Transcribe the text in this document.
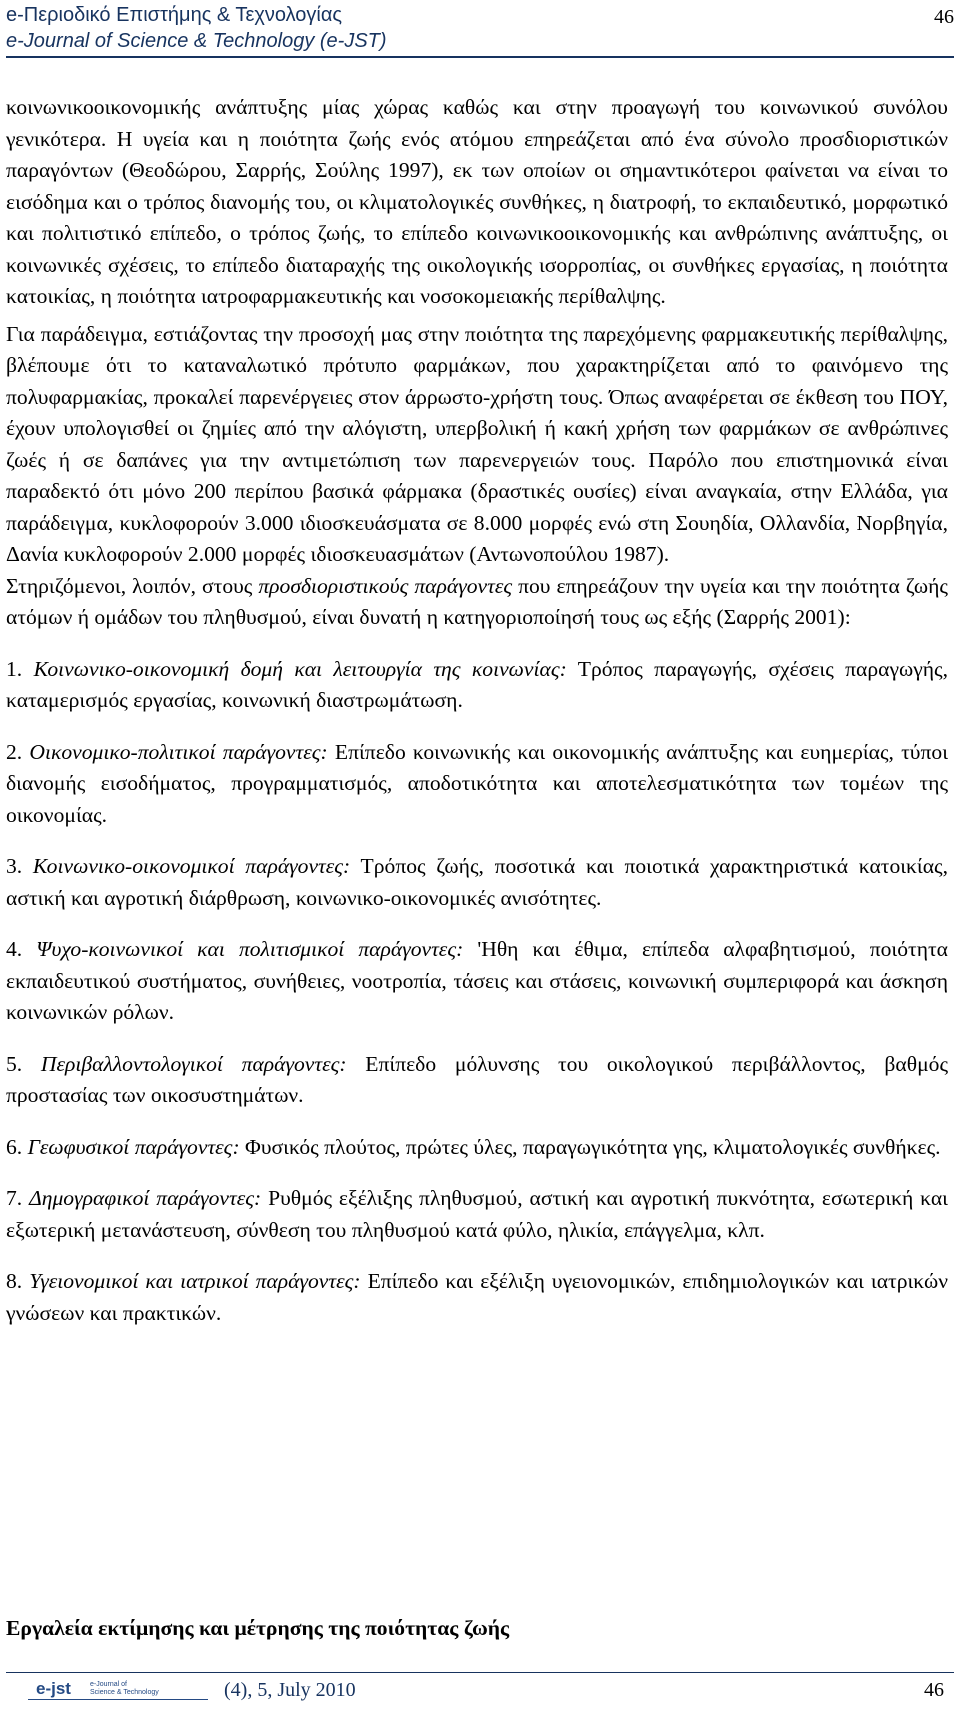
e-Περιοδικό Επιστήμης & Τεχνολογίας
e-Journal of Science & Technology (e-JST)
46

κοινωνικοοικονομικής ανάπτυξης μίας χώρας καθώς και στην προαγωγή του κοινωνικού συνόλου γενικότερα. Η υγεία και η ποιότητα ζωής ενός ατόμου επηρεάζεται από ένα σύνολο προσδιοριστικών παραγόντων (Θεοδώρου, Σαρρής, Σούλης 1997), εκ των οποίων οι σημαντικότεροι φαίνεται να είναι το εισόδημα και ο τρόπος διανομής του, οι κλιματολογικές συνθήκες, η διατροφή, το εκπαιδευτικό, μορφωτικό και πολιτιστικό επίπεδο, ο τρόπος ζωής, το επίπεδο κοινωνικοοικονομικής και ανθρώπινης ανάπτυξης, οι κοινωνικές σχέσεις, το επίπεδο διαταραχής της οικολογικής ισορροπίας, οι συνθήκες εργασίας, η ποιότητα κατοικίας, η ποιότητα ιατροφαρμακευτικής και νοσοκομειακής περίθαλψης.

Για παράδειγμα, εστιάζοντας την προσοχή μας στην ποιότητα της παρεχόμενης φαρμακευτικής περίθαλψης, βλέπουμε ότι το καταναλωτικό πρότυπο φαρμάκων, που χαρακτηρίζεται από το φαινόμενο της πολυφαρμακίας, προκαλεί παρενέργειες στον άρρωστο-χρήστη τους. Όπως αναφέρεται σε έκθεση του ΠΟΥ, έχουν υπολογισθεί οι ζημίες από την αλόγιστη, υπερβολική ή κακή χρήση των φαρμάκων σε ανθρώπινες ζωές ή σε δαπάνες για την αντιμετώπιση των παρενεργειών τους. Παρόλο που επιστημονικά είναι παραδεκτό ότι μόνο 200 περίπου βασικά φάρμακα (δραστικές ουσίες) είναι αναγκαία, στην Ελλάδα, για παράδειγμα, κυκλοφορούν 3.000 ιδιοσκευάσματα σε 8.000 μορφές ενώ στη Σουηδία, Ολλανδία, Νορβηγία, Δανία κυκλοφορούν 2.000 μορφές ιδιοσκευασμάτων (Αντωνοπούλου 1987).

Στηριζόμενοι, λοιπόν, στους προσδιοριστικούς παράγοντες που επηρεάζουν την υγεία και την ποιότητα ζωής ατόμων ή ομάδων του πληθυσμού, είναι δυνατή η κατηγοριοποίησή τους ως εξής (Σαρρής 2001):

1. Κοινωνικο-οικονομική δομή και λειτουργία της κοινωνίας: Τρόπος παραγωγής, σχέσεις παραγωγής, καταμερισμός εργασίας, κοινωνική διαστρωμάτωση.

2. Οικονομικο-πολιτικοί παράγοντες: Επίπεδο κοινωνικής και οικονομικής ανάπτυξης και ευημερίας, τύποι διανομής εισοδήματος, προγραμματισμός, αποδοτικότητα και αποτελεσματικότητα των τομέων της οικονομίας.

3. Κοινωνικο-οικονομικοί παράγοντες: Τρόπος ζωής, ποσοτικά και ποιοτικά χαρακτηριστικά κατοικίας, αστική και αγροτική διάρθρωση, κοινωνικο-οικονομικές ανισότητες.

4. Ψυχο-κοινωνικοί και πολιτισμικοί παράγοντες: 'Ηθη και έθιμα, επίπεδα αλφαβητισμού, ποιότητα εκπαιδευτικού συστήματος, συνήθειες, νοοτροπία, τάσεις και στάσεις, κοινωνική συμπεριφορά και άσκηση κοινωνικών ρόλων.

5. Περιβαλλοντολογικοί παράγοντες: Επίπεδο μόλυνσης του οικολογικού περιβάλλοντος, βαθμός προστασίας των οικοσυστημάτων.

6. Γεωφυσικοί παράγοντες: Φυσικός πλούτος, πρώτες ύλες, παραγωγικότητα γης, κλιματολογικές συνθήκες.

7. Δημογραφικοί παράγοντες: Ρυθμός εξέλιξης πληθυσμού, αστική και αγροτική πυκνότητα, εσωτερική και εξωτερική μετανάστευση, σύνθεση του πληθυσμού κατά φύλο, ηλικία, επάγγελμα, κλπ.

8. Υγειονομικοί και ιατρικοί παράγοντες: Επίπεδο και εξέλιξη υγειονομικών, επιδημιολογικών και ιατρικών γνώσεων και πρακτικών.

Εργαλεία εκτίμησης και μέτρησης της ποιότητας ζωής
e-jst	e-Journal of
Science & Technology	(4), 5, July 2010	46
